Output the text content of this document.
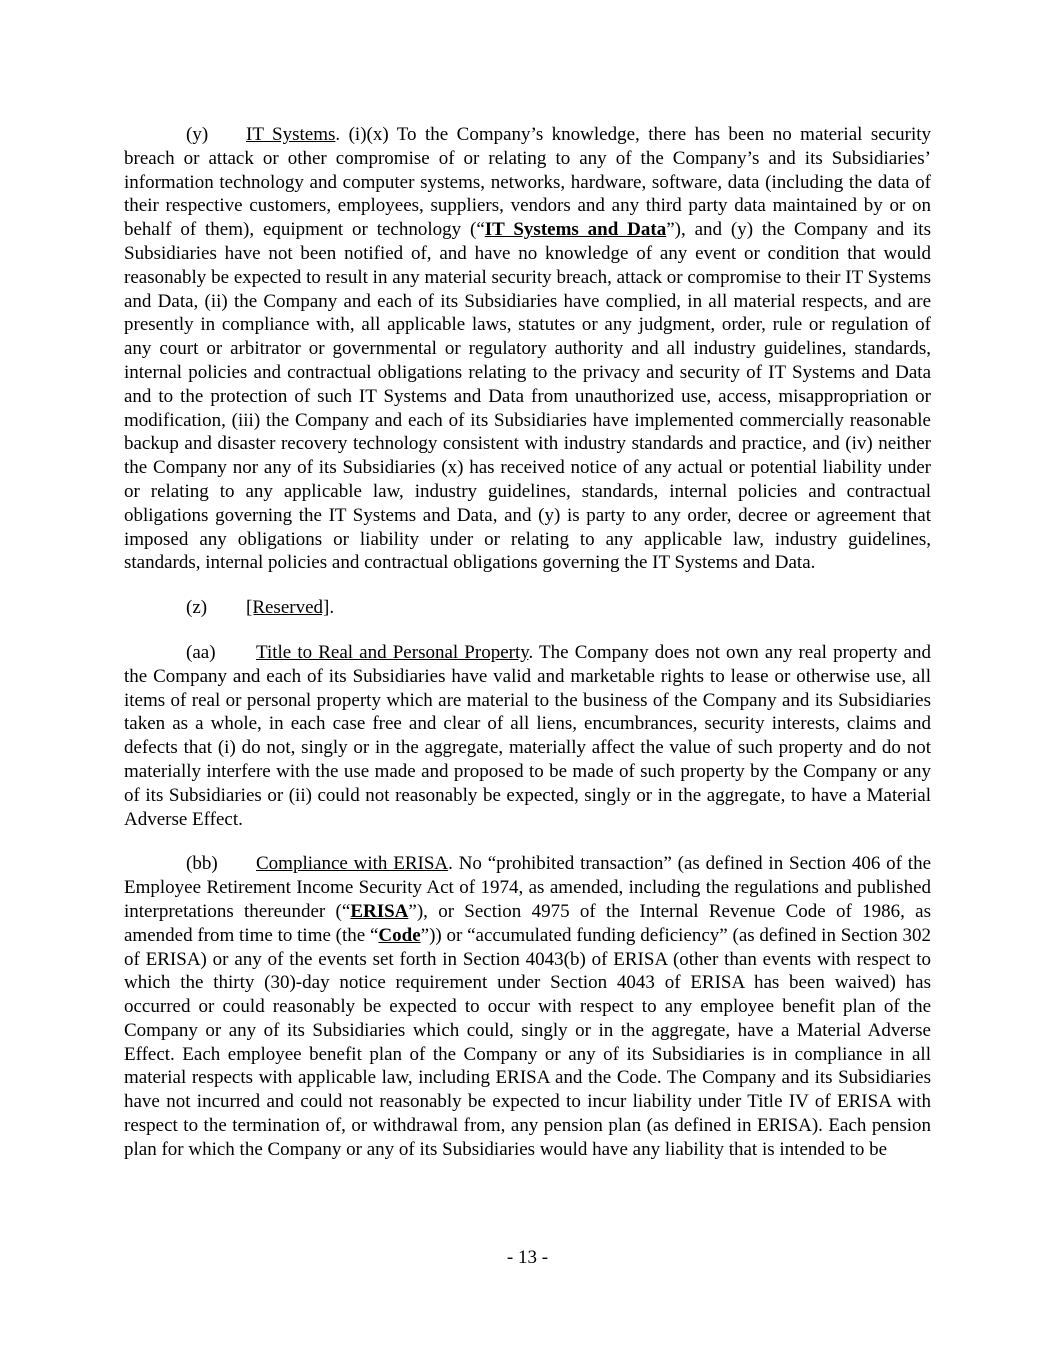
(y) IT Systems. (i)(x) To the Company’s knowledge, there has been no material security breach or attack or other compromise of or relating to any of the Company’s and its Subsidiaries’ information technology and computer systems, networks, hardware, software, data (including the data of their respective customers, employees, suppliers, vendors and any third party data maintained by or on behalf of them), equipment or technology (“IT Systems and Data”), and (y) the Company and its Subsidiaries have not been notified of, and have no knowledge of any event or condition that would reasonably be expected to result in any material security breach, attack or compromise to their IT Systems and Data, (ii) the Company and each of its Subsidiaries have complied, in all material respects, and are presently in compliance with, all applicable laws, statutes or any judgment, order, rule or regulation of any court or arbitrator or governmental or regulatory authority and all industry guidelines, standards, internal policies and contractual obligations relating to the privacy and security of IT Systems and Data and to the protection of such IT Systems and Data from unauthorized use, access, misappropriation or modification, (iii) the Company and each of its Subsidiaries have implemented commercially reasonable backup and disaster recovery technology consistent with industry standards and practice, and (iv) neither the Company nor any of its Subsidiaries (x) has received notice of any actual or potential liability under or relating to any applicable law, industry guidelines, standards, internal policies and contractual obligations governing the IT Systems and Data, and (y) is party to any order, decree or agreement that imposed any obligations or liability under or relating to any applicable law, industry guidelines, standards, internal policies and contractual obligations governing the IT Systems and Data.

(z) [Reserved].

(aa) Title to Real and Personal Property. The Company does not own any real property and the Company and each of its Subsidiaries have valid and marketable rights to lease or otherwise use, all items of real or personal property which are material to the business of the Company and its Subsidiaries taken as a whole, in each case free and clear of all liens, encumbrances, security interests, claims and defects that (i) do not, singly or in the aggregate, materially affect the value of such property and do not materially interfere with the use made and proposed to be made of such property by the Company or any of its Subsidiaries or (ii) could not reasonably be expected, singly or in the aggregate, to have a Material Adverse Effect.

(bb) Compliance with ERISA. No “prohibited transaction” (as defined in Section 406 of the Employee Retirement Income Security Act of 1974, as amended, including the regulations and published interpretations thereunder (“ERISA”), or Section 4975 of the Internal Revenue Code of 1986, as amended from time to time (the “Code”)) or “accumulated funding deficiency” (as defined in Section 302 of ERISA) or any of the events set forth in Section 4043(b) of ERISA (other than events with respect to which the thirty (30)-day notice requirement under Section 4043 of ERISA has been waived) has occurred or could reasonably be expected to occur with respect to any employee benefit plan of the Company or any of its Subsidiaries which could, singly or in the aggregate, have a Material Adverse Effect. Each employee benefit plan of the Company or any of its Subsidiaries is in compliance in all material respects with applicable law, including ERISA and the Code. The Company and its Subsidiaries have not incurred and could not reasonably be expected to incur liability under Title IV of ERISA with respect to the termination of, or withdrawal from, any pension plan (as defined in ERISA). Each pension plan for which the Company or any of its Subsidiaries would have any liability that is intended to be

- 13 -
